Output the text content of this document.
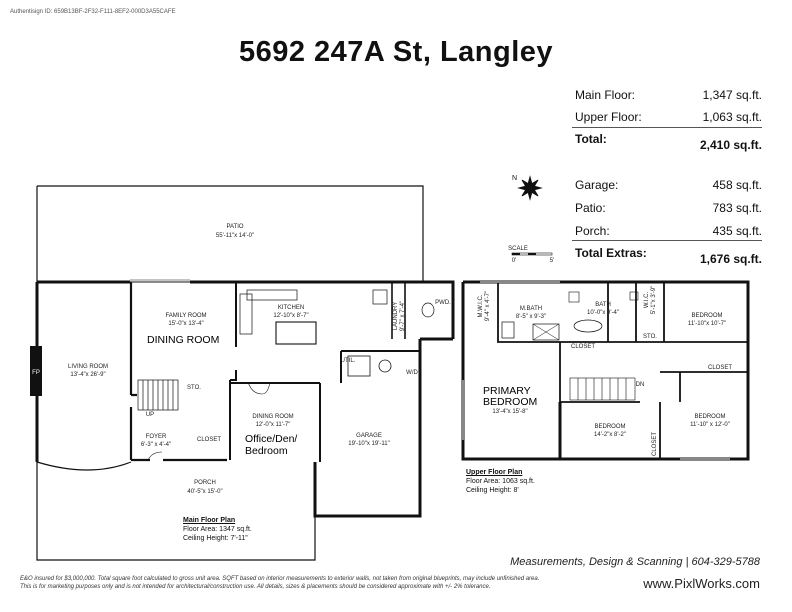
Authentisign ID: 659B13BF-2F32-F111-8EF2-000D3A55CAFE
5692 247A St, Langley
Main Floor:	1,347 sq.ft.
Upper Floor:	1,063 sq.ft.
Total:	2,410 sq.ft.
Garage:	458 sq.ft.
Patio:	783 sq.ft.
Porch:	435 sq.ft.
Total Extras:	1,676 sq.ft.
N
SCALE
0'	5'
PATIO
55'-11"x 14'-0"
FAMILY ROOM
15'-0"x 13'-4"
KITCHEN
12'-10"x 8'-7"	LAUNDRY 9'-7" x 7'-4"	PWD.
LIVING ROOM
13'-4"x 26'-9"
FP
UTIL.
W/D
STO.
UP	DINING ROOM
12'-0"x 11'-7"
GARAGE
19'-10"x 19'-11"
FOYER
6'-3" x 4'-4"
CLOSET
PORCH
40'-5"x 15'-0"
DINING ROOM
Office/Den/
Bedroom
M.W.I.C. 9'-4" x 4'-7"	M.BATH
8'-5" x 9'-3"
BATH
10'-0"x 9'-4"
W.I.C. 5'-1"x 3'-9"
BEDROOM
11'-10"x 10'-7"
STO.
CLOSET
CLOSET
CLOSET
DN
13'-4"x 15'-8"
BEDROOM
14'-2"x 8'-2"
BEDROOM
11'-10" x 12'-0"
PRIMARY
BEDROOM
Main Floor Plan
Floor Area: 1347 sq.ft.
Ceiling Height: 7'-11"
Upper Floor Plan
Floor Area: 1063 sq.ft.
Ceiling Height: 8'
Measurements, Design & Scanning | 604-329-5788
www.PixlWorks.com
E&O insured for $3,000,000. Total square foot calculated to gross unit area. SQFT based on interior measurements to exterior walls, not taken from original blueprints, may include unfinished area.
This is for marketing purposes only and is not intended for architectural/construction use. All details, sizes & placements should be considered approximate with +/- 2% tolerance.
